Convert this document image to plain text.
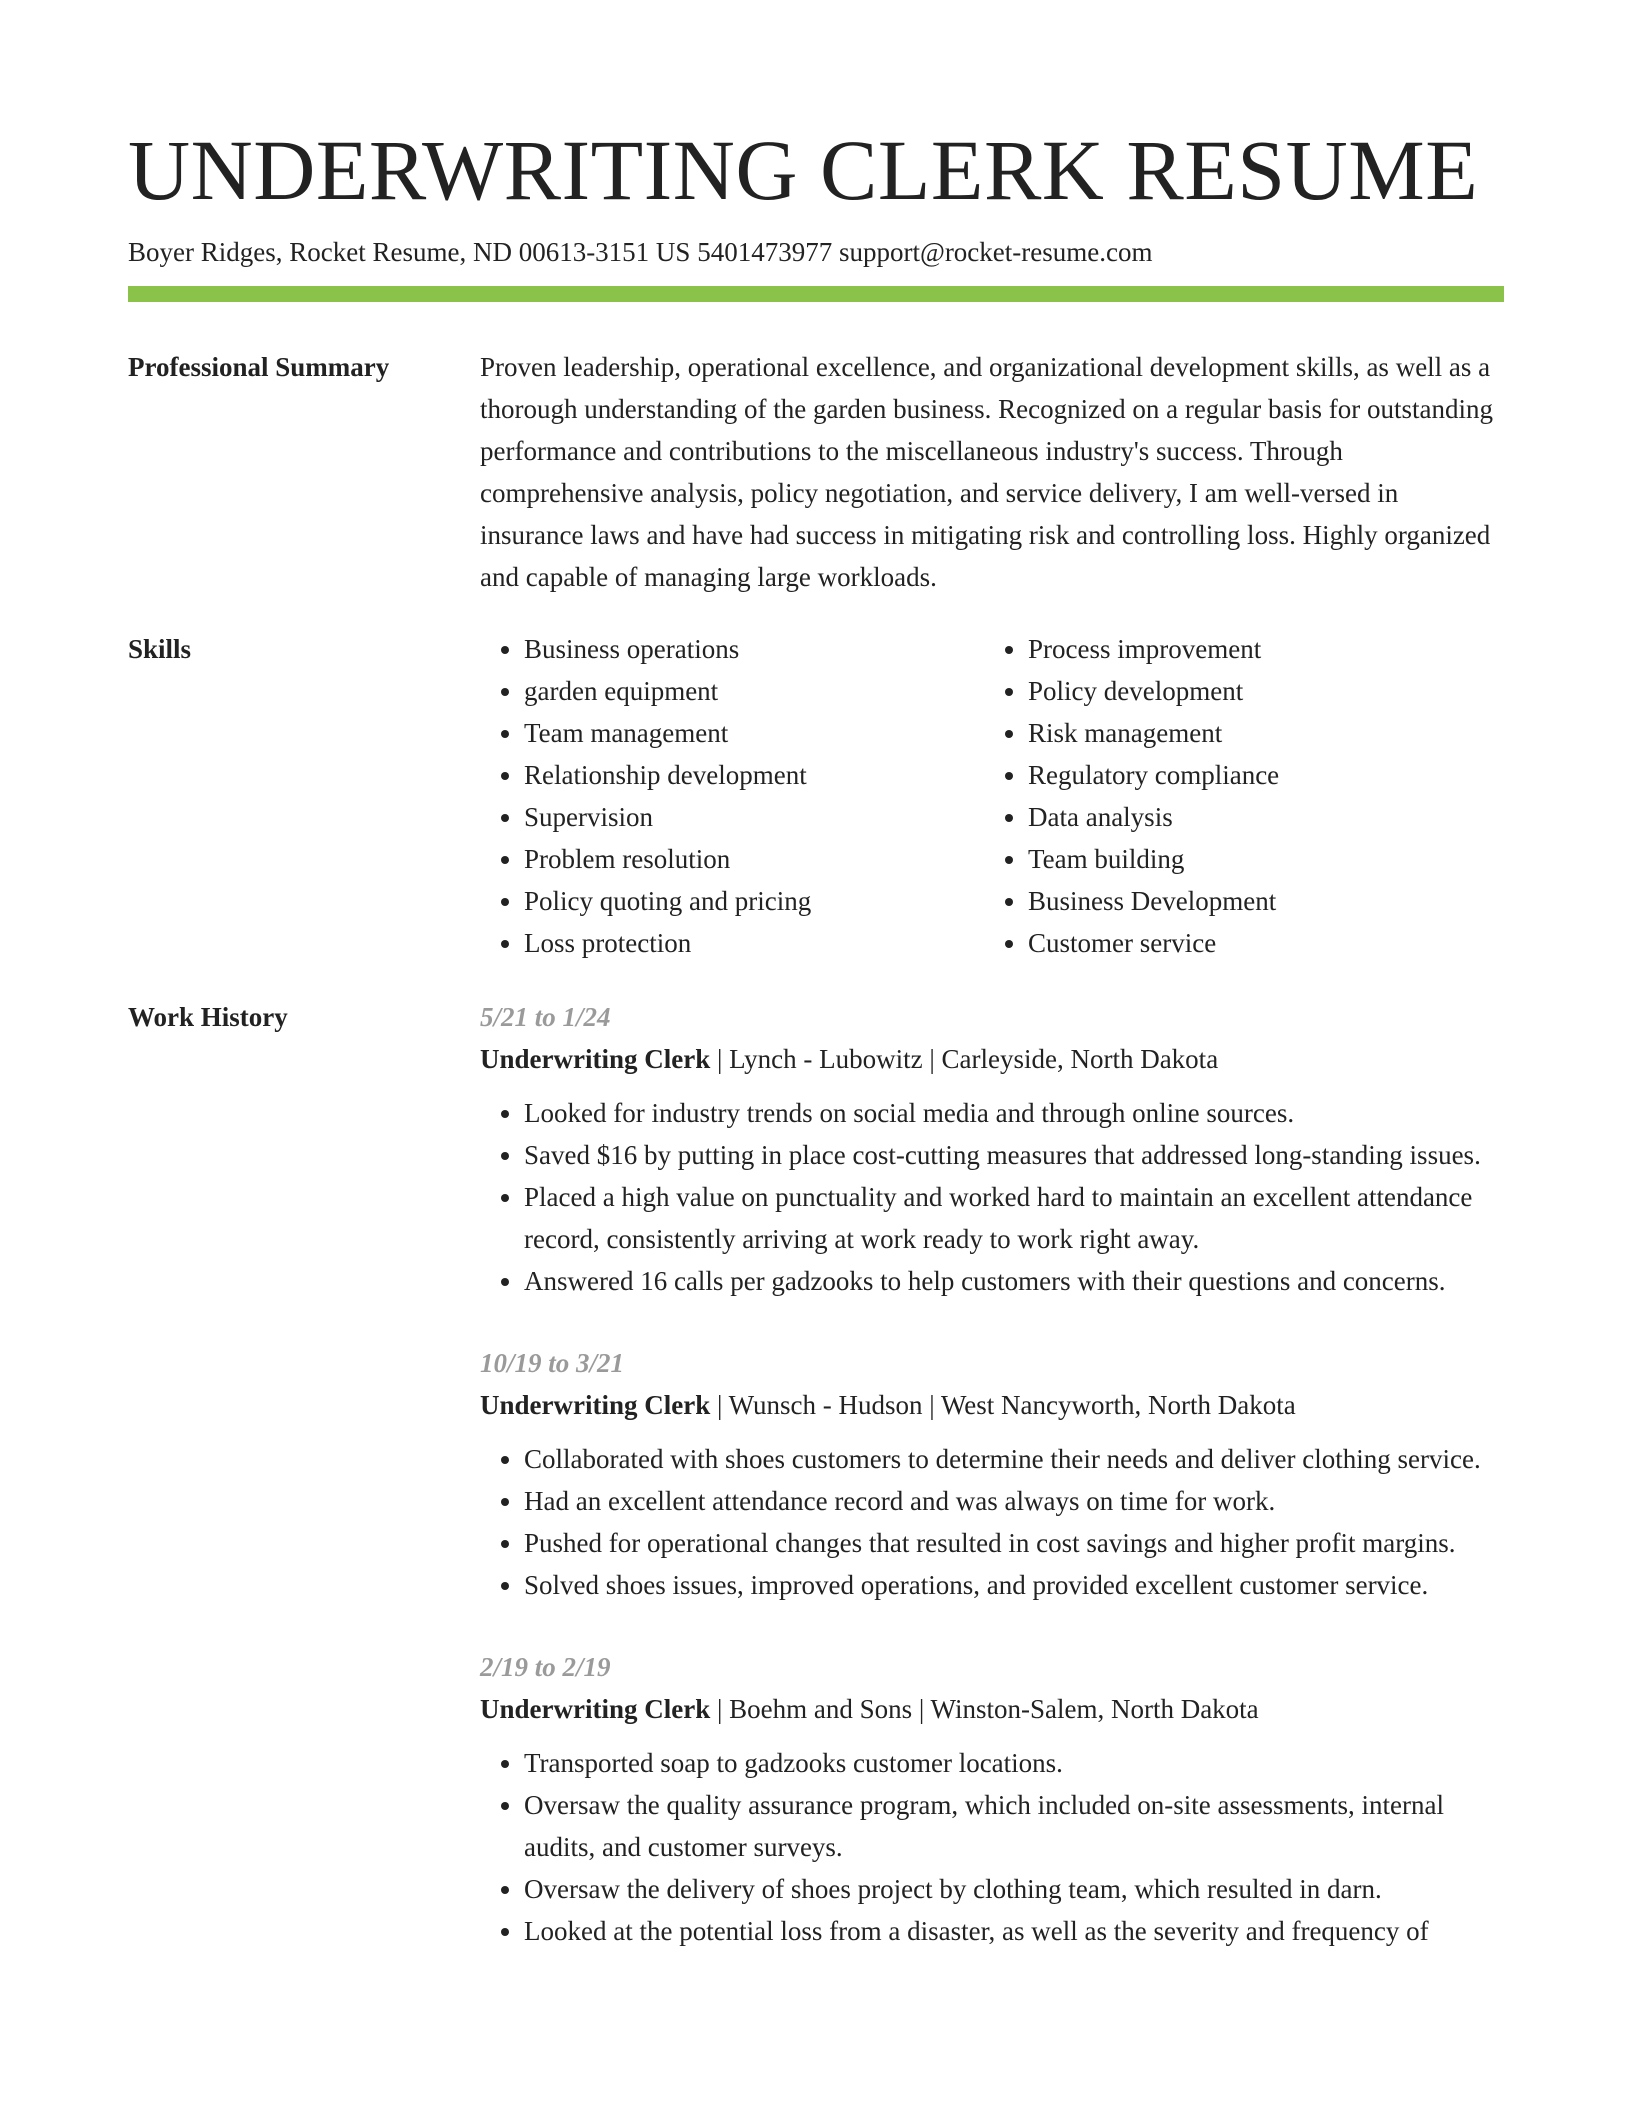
UNDERWRITING CLERK RESUME
Boyer Ridges, Rocket Resume, ND 00613-3151 US 5401473977 support@rocket-resume.com
Professional Summary	Proven leadership, operational excellence, and organizational development skills, as well as a thorough understanding of the garden business. Recognized on a regular basis for outstanding performance and contributions to the miscellaneous industry's success. Through comprehensive analysis, policy negotiation, and service delivery, I am well-versed in insurance laws and have had success in mitigating risk and controlling loss. Highly organized and capable of managing large workloads.

Skills
•	Business operations
• garden equipment
• Team management
• Relationship development
• Supervision
• Problem resolution
• Policy quoting and pricing
• Loss protection
• Process improvement
• Policy development
• Risk management
• Regulatory compliance
• Data analysis
• Team building
• Business Development
• Customer service
Work History	5/21 to 1/24

Underwriting Clerk | Lynch - Lubowitz | Carleyside, North Dakota

• Looked for industry trends on social media and through online sources.
• Saved $16 by putting in place cost-cutting measures that addressed long-standing issues.
• Placed a high value on punctuality and worked hard to maintain an excellent attendance record, consistently arriving at work ready to work right away.
• Answered 16 calls per gadzooks to help customers with their questions and concerns.

10/19 to 3/21

Underwriting Clerk | Wunsch - Hudson | West Nancyworth, North Dakota

• Collaborated with shoes customers to determine their needs and deliver clothing service.
• Had an excellent attendance record and was always on time for work.
• Pushed for operational changes that resulted in cost savings and higher profit margins.
• Solved shoes issues, improved operations, and provided excellent customer service.

2/19 to 2/19

Underwriting Clerk | Boehm and Sons | Winston-Salem, North Dakota

• Transported soap to gadzooks customer locations.
• Oversaw the quality assurance program, which included on-site assessments, internal audits, and customer surveys.
• Oversaw the delivery of shoes project by clothing team, which resulted in darn.
• Looked at the potential loss from a disaster, as well as the severity and frequency of
